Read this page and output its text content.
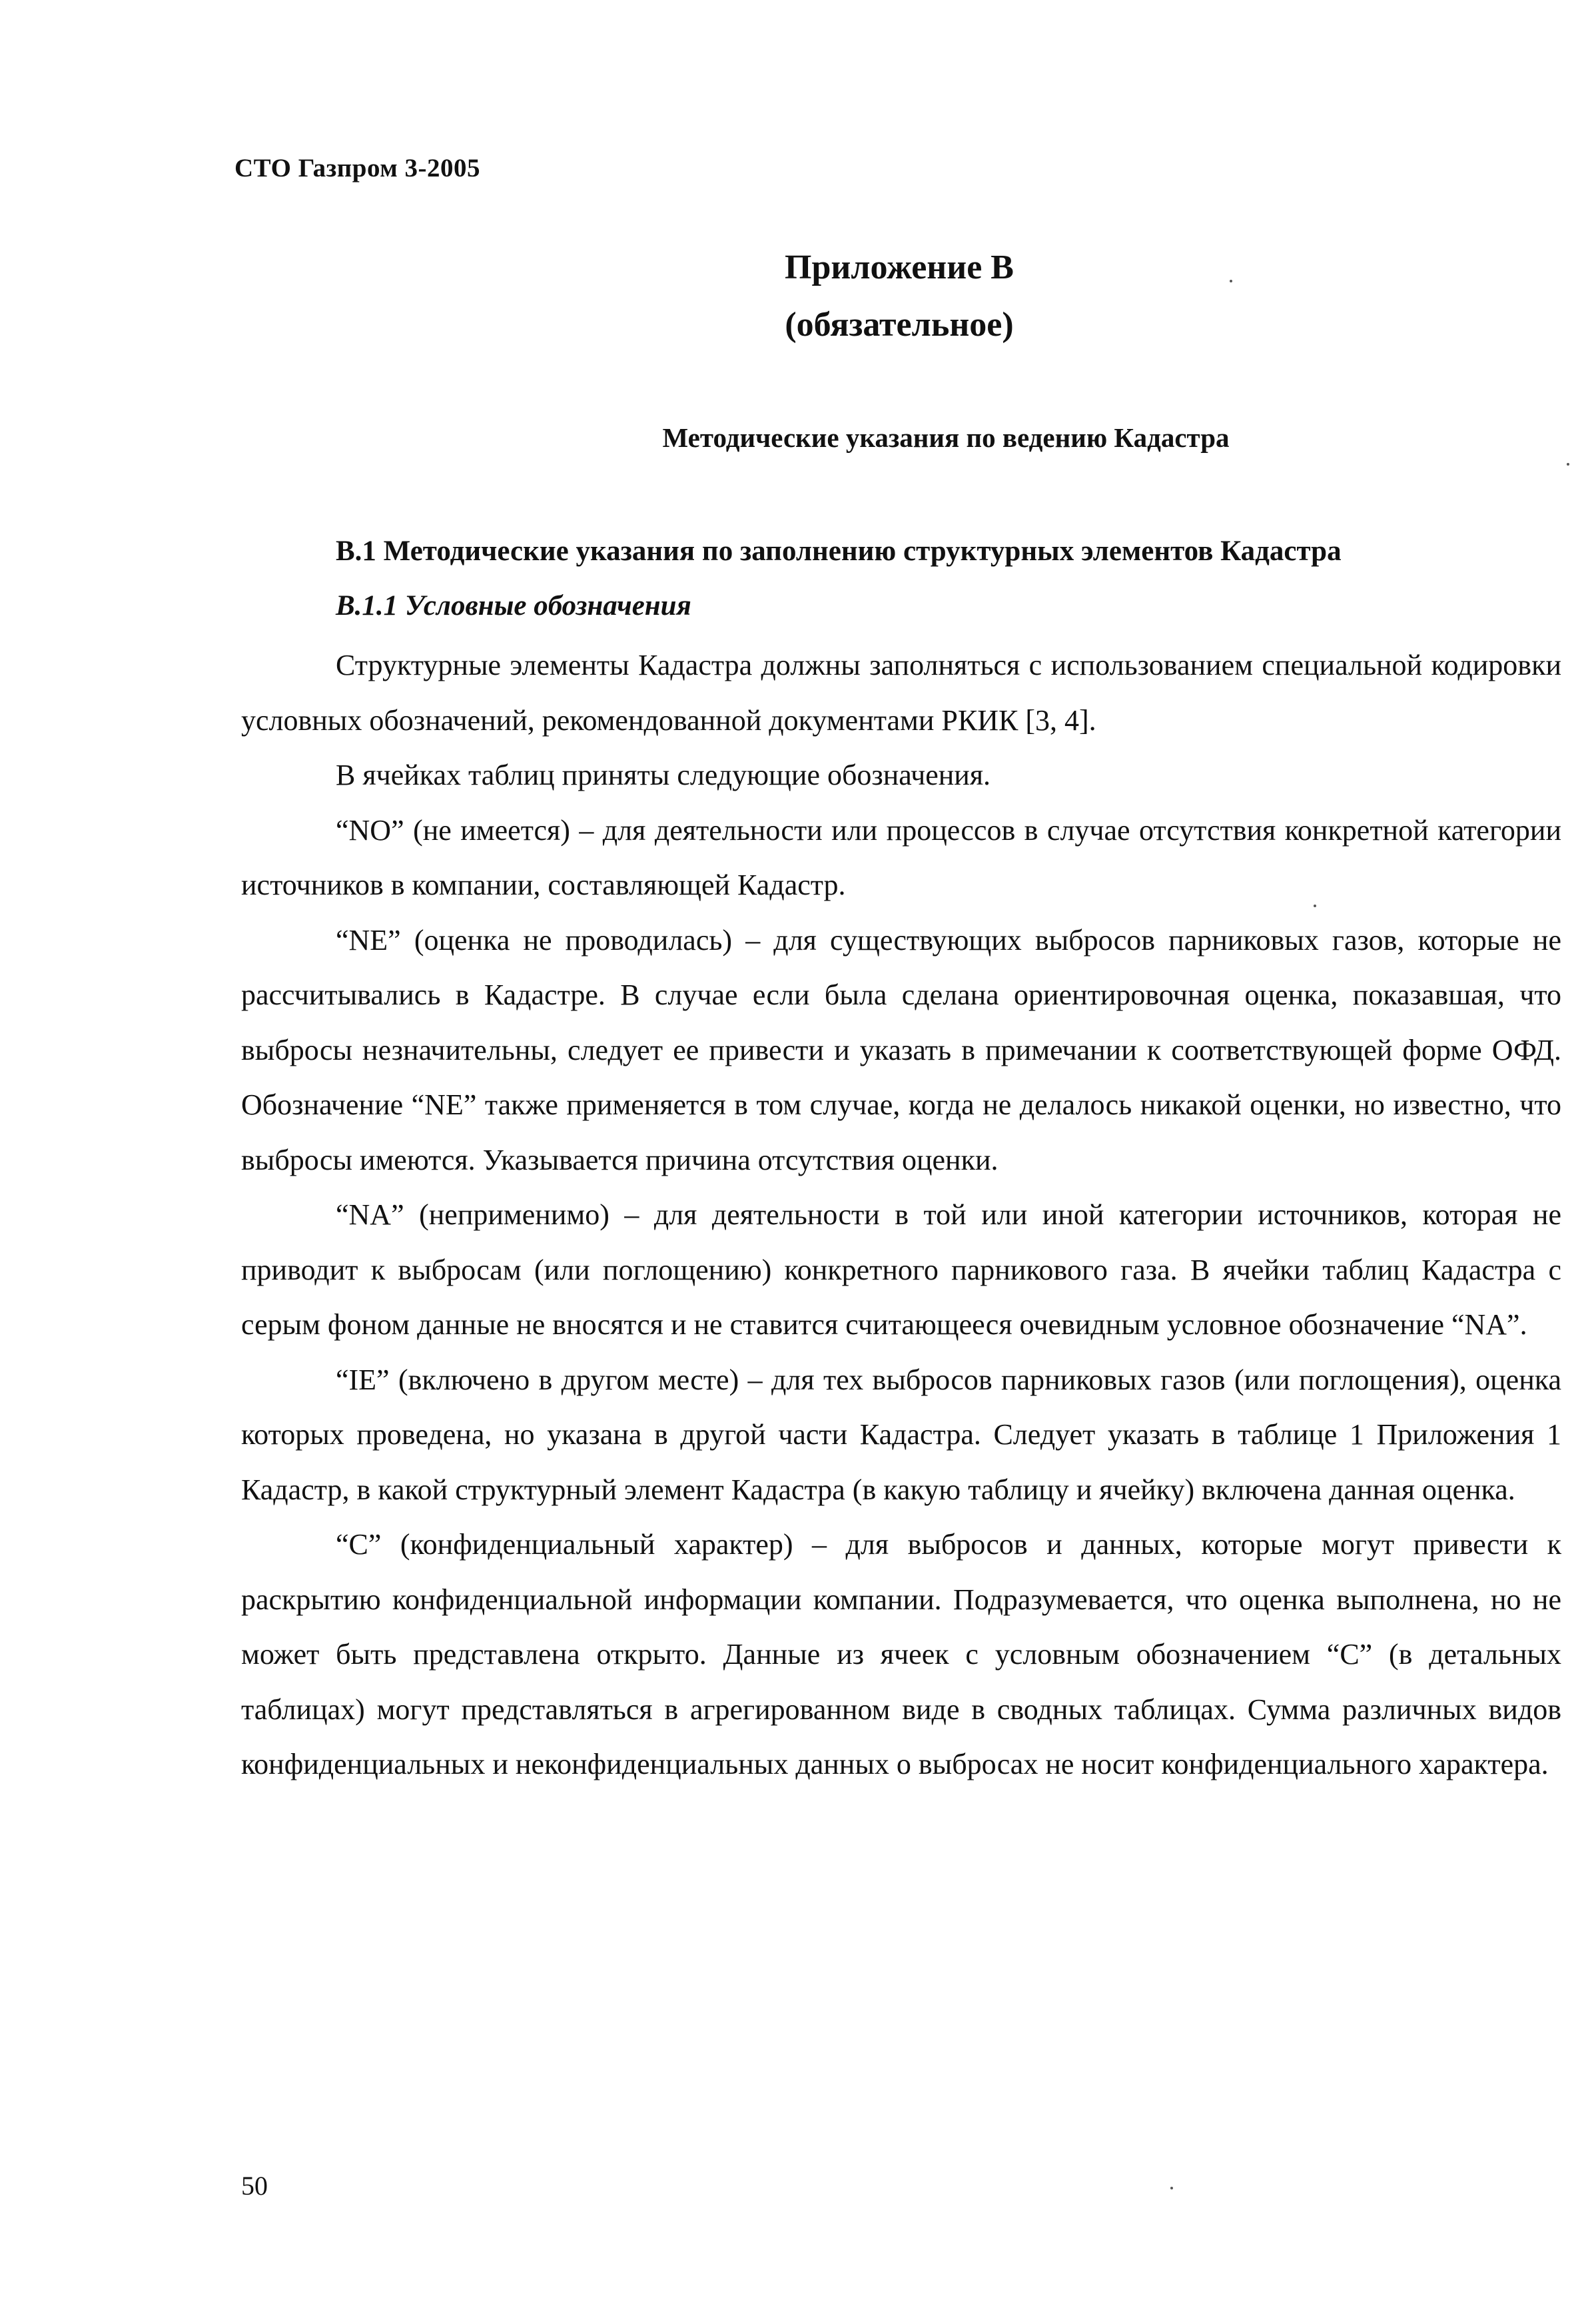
СТО Газпром 3-2005
Приложение В
(обязательное)
Методические указания по ведению Кадастра
В.1 Методические указания по заполнению структурных элементов Кадастра
В.1.1 Условные обозначения

Структурные элементы Кадастра должны заполняться с использованием специальной кодировки условных обозначений, рекомендованной документами РКИК [3, 4].

В ячейках таблиц приняты следующие обозначения.

“NO” (не имеется) – для деятельности или процессов в случае отсутствия конкретной категории источников в компании, составляющей Кадастр.

“NE” (оценка не проводилась) – для существующих выбросов парниковых газов, которые не рассчитывались в Кадастре. В случае если была сделана ориентировочная оценка, показавшая, что выбросы незначительны, следует ее привести и указать в примечании к соответствующей форме ОФД. Обозначение “NE” также применяется в том случае, когда не делалось никакой оценки, но известно, что выбросы имеются. Указывается причина отсутствия оценки.

“NA” (неприменимо) – для деятельности в той или иной категории источников, которая не приводит к выбросам (или поглощению) конкретного парникового газа. В ячейки таблиц Кадастра с серым фоном данные не вносятся и не ставится считающееся очевидным условное обозначение “NA”.

“IE” (включено в другом месте) – для тех выбросов парниковых газов (или поглощения), оценка которых проведена, но указана в другой части Кадастра. Следует указать в таблице 1 Приложения 1 Кадастр, в какой структурный элемент Кадастра (в какую таблицу и ячейку) включена данная оценка.

“C” (конфиденциальный характер) – для выбросов и данных, которые могут привести к раскрытию конфиденциальной информации компании. Подразумевается, что оценка выполнена, но не может быть представлена открыто. Данные из ячеек с условным обозначением “C” (в детальных таблицах) могут представляться в агрегированном виде в сводных таблицах. Сумма различных видов конфиденциальных и неконфиденциальных данных о выбросах не носит конфиденциального характера.

50
